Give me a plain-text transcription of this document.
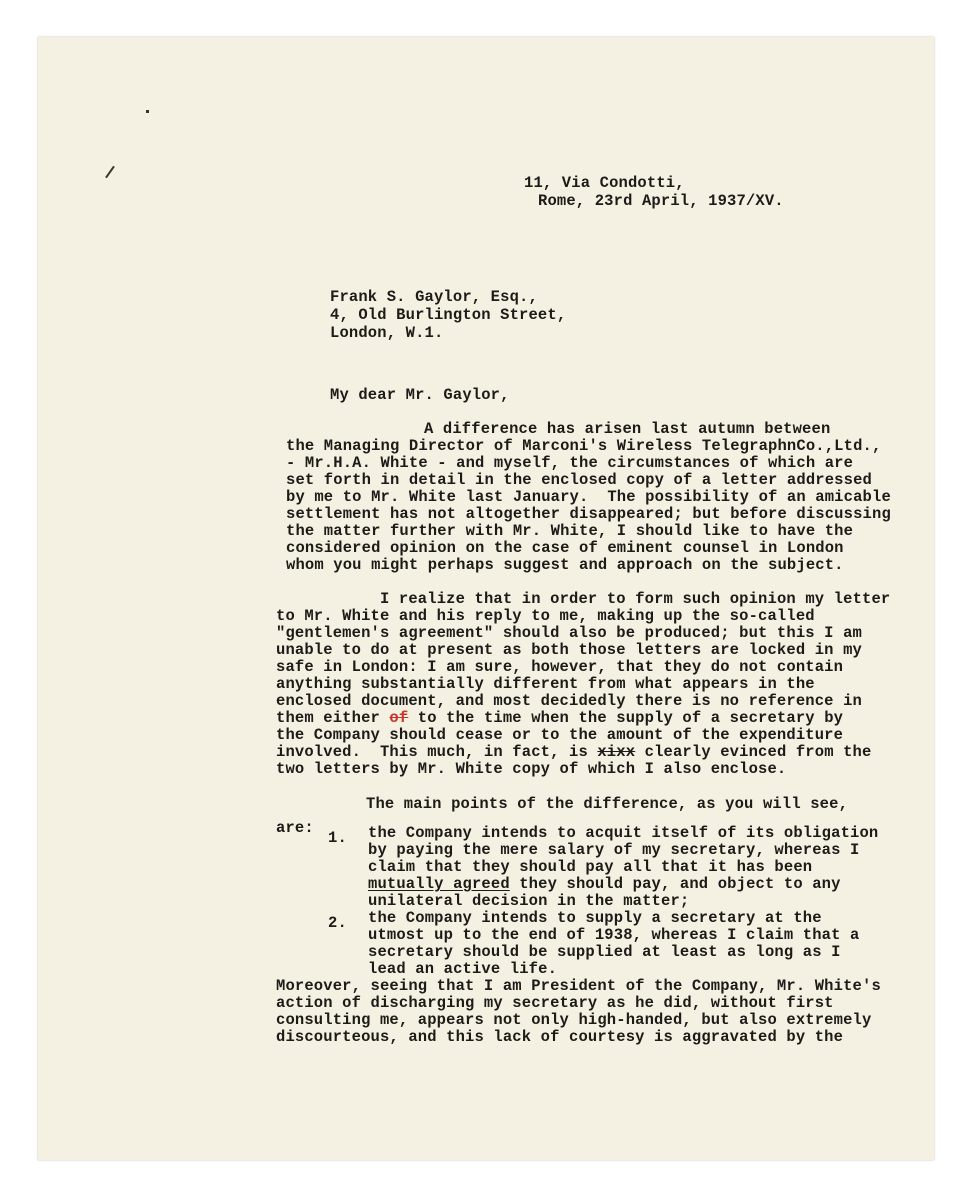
11, Via Condotti,
Rome, 23rd April, 1937/XV.
Frank S. Gaylor, Esq.,
4, Old Burlington Street,
London, W.1.
My dear Mr. Gaylor,
A difference has arisen last autumn between
the Managing Director of Marconi's Wireless TelegraphnCo.,Ltd.,
- Mr.H.A. White - and myself, the circumstances of which are
set forth in detail in the enclosed copy of a letter addressed
by me to Mr. White last January.  The possibility of an amicable
settlement has not altogether disappeared; but before discussing
the matter further with Mr. White, I should like to have the
considered opinion on the case of eminent counsel in London
whom you might perhaps suggest and approach on the subject.
I realize that in order to form such opinion my letter
to Mr. White and his reply to me, making up the so-called
"gentlemen's agreement" should also be produced; but this I am
unable to do at present as both those letters are locked in my
safe in London: I am sure, however, that they do not contain
anything substantially different from what appears in the
enclosed document, and most decidedly there is no reference in
them either of to the time when the supply of a secretary by
the Company should cease or to the amount of the expenditure
involved.  This much, in fact, is xixx clearly evinced from the
two letters by Mr. White copy of which I also enclose.
The main points of the difference, as you will see,
are:
1. the Company intends to acquit itself of its obligation
by paying the mere salary of my secretary, whereas I
claim that they should pay all that it has been
mutually agreed they should pay, and object to any
unilateral decision in the matter;
2. the Company intends to supply a secretary at the
utmost up to the end of 1938, whereas I claim that a
secretary should be supplied at least as long as I
lead an active life.
Moreover, seeing that I am President of the Company, Mr. White's
action of discharging my secretary as he did, without first
consulting me, appears not only high-handed, but also extremely
discourteous, and this lack of courtesy is aggravated by the
